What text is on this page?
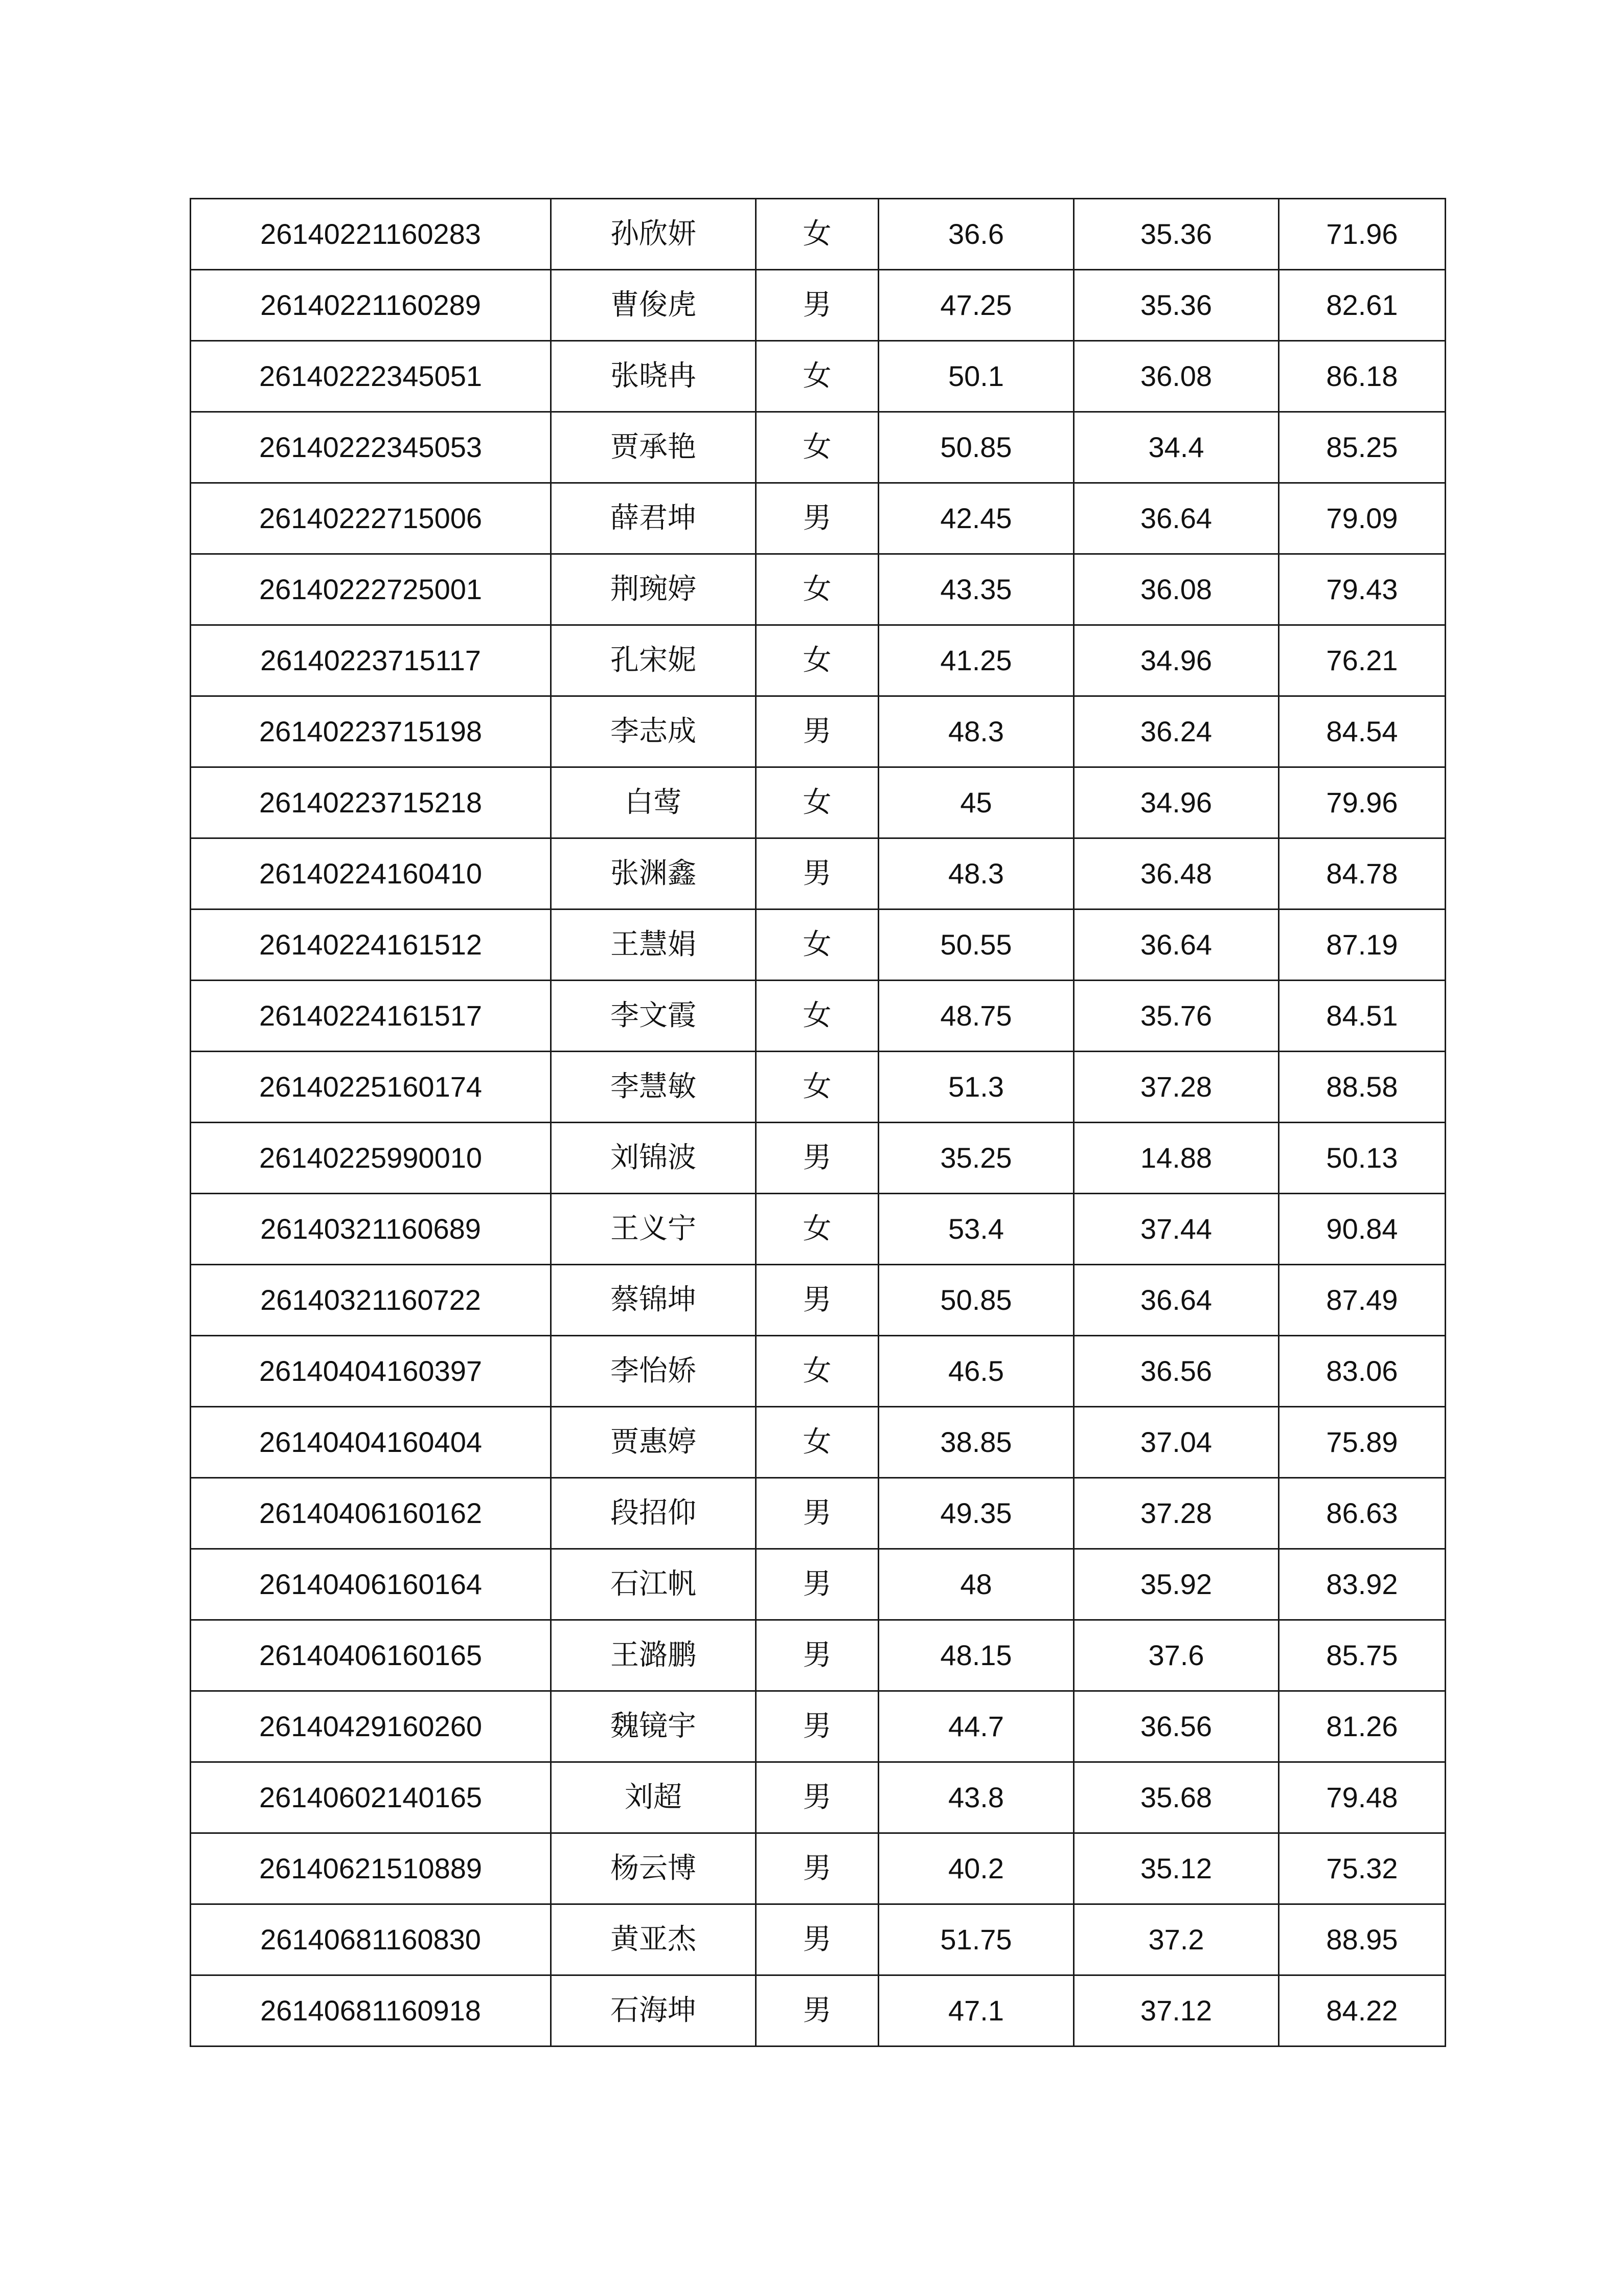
26140221160283	孙欣妍	女	36.6	35.36	71.96
26140221160289	曹俊虎	男	47.25	35.36	82.61
26140222345051	张晓冉	女	50.1	36.08	86.18
26140222345053	贾承艳	女	50.85	34.4	85.25
26140222715006	薛君坤	男	42.45	36.64	79.09
26140222725001	荆琬婷	女	43.35	36.08	79.43
26140223715117	孔宋妮	女	41.25	34.96	76.21
26140223715198	李志成	男	48.3	36.24	84.54
26140223715218	白莺	女	45	34.96	79.96
26140224160410	张渊鑫	男	48.3	36.48	84.78
26140224161512	王慧娟	女	50.55	36.64	87.19
26140224161517	李文霞	女	48.75	35.76	84.51
26140225160174	李慧敏	女	51.3	37.28	88.58
26140225990010	刘锦波	男	35.25	14.88	50.13
26140321160689	王义宁	女	53.4	37.44	90.84
26140321160722	蔡锦坤	男	50.85	36.64	87.49
26140404160397	李怡娇	女	46.5	36.56	83.06
26140404160404	贾惠婷	女	38.85	37.04	75.89
26140406160162	段招仰	男	49.35	37.28	86.63
26140406160164	石江帆	男	48	35.92	83.92
26140406160165	王潞鹏	男	48.15	37.6	85.75
26140429160260	魏镜宇	男	44.7	36.56	81.26
26140602140165	刘超	男	43.8	35.68	79.48
26140621510889	杨云博	男	40.2	35.12	75.32
26140681160830	黄亚杰	男	51.75	37.2	88.95
26140681160918	石海坤	男	47.1	37.12	84.22
